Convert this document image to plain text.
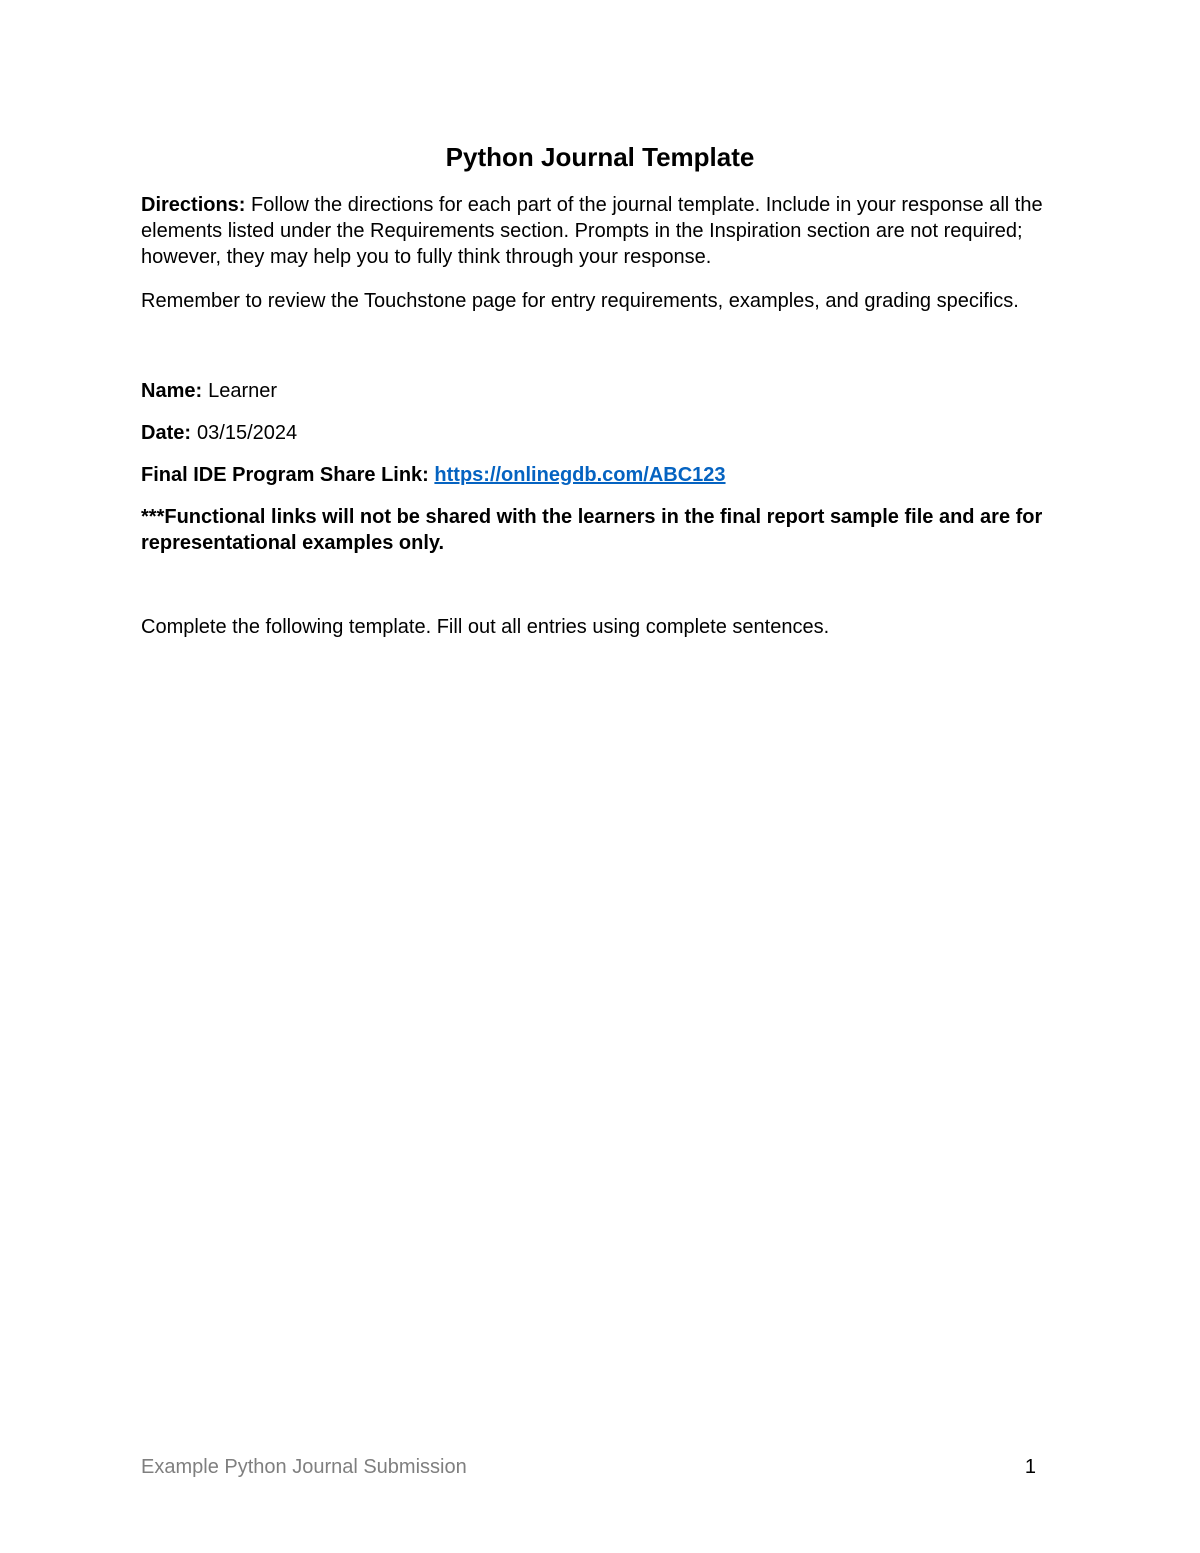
Python Journal Template

Directions: Follow the directions for each part of the journal template. Include in your response all the elements listed under the Requirements section. Prompts in the Inspiration section are not required; however, they may help you to fully think through your response.

Remember to review the Touchstone page for entry requirements, examples, and grading specifics.

Name: Learner

Date: 03/15/2024

Final IDE Program Share Link: https://onlinegdb.com/ABC123

***Functional links will not be shared with the learners in the final report sample file and are for representational examples only.

Complete the following template. Fill out all entries using complete sentences.

Example Python Journal Submission	1
